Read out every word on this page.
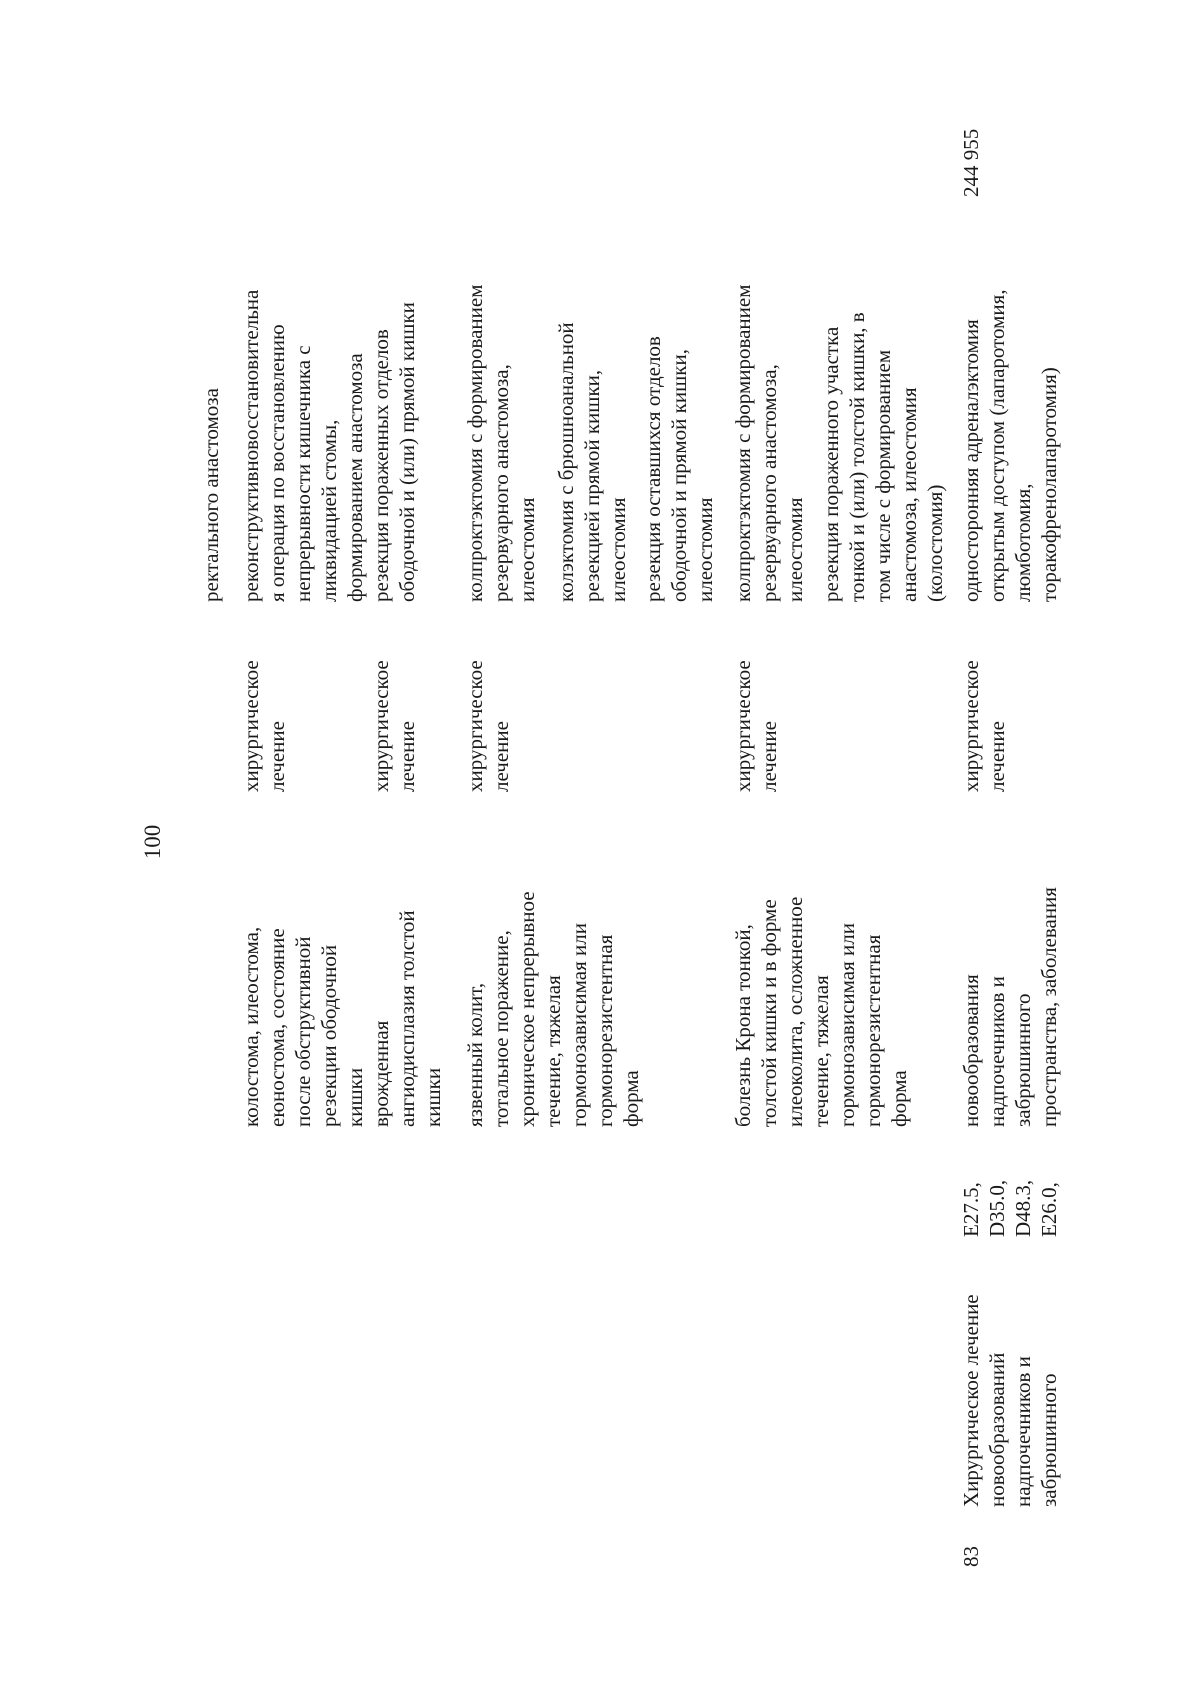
100
ректального анастомоза
колостома, илеостома,
еюностома, состояние
после обструктивной
резекции ободочной
кишки
хирургическое
лечение
реконструктивновосстановительна
я операция по восстановлению
непрерывности кишечника с
ликвидацией стомы,
формированием анастомоза
врожденная
ангиодисплазия толстой
кишки
хирургическое
лечение
резекция пораженных отделов
ободочной и (или) прямой кишки
язвенный колит,
тотальное поражение,
хроническое непрерывное
течение, тяжелая
гормонозависимая или
гормонорезистентная
форма
хирургическое
лечение
колпроктэктомия с формированием
резервуарного анастомоза,
илеостомия колэктомия с брюшноанальной
резекцией прямой кишки,
илеостомия резекция оставшихся отделов
ободочной и прямой кишки,
илеостомия
болезнь Крона тонкой,
толстой кишки и в форме
илеоколита, осложненное
течение, тяжелая
гормонозависимая или
гормонорезистентная
форма
хирургическое
лечение
колпроктэктомия с формированием
резервуарного анастомоза,
илеостомия резекция пораженного участка
тонкой и (или) толстой кишки, в
том числе с формированием
анастомоза, илеостомия
(колостомия)
83
Хирургическое лечение
новообразований
надпочечников и
забрюшинного
E27.5,
D35.0,
D48.3,
E26.0,
новообразования
надпочечников и
забрюшинного
пространства, заболевания
хирургическое
лечение
односторонняя адреналэктомия
открытым доступом (лапаротомия,
люмботомия,
торакофренолапаротомия)
244 955
